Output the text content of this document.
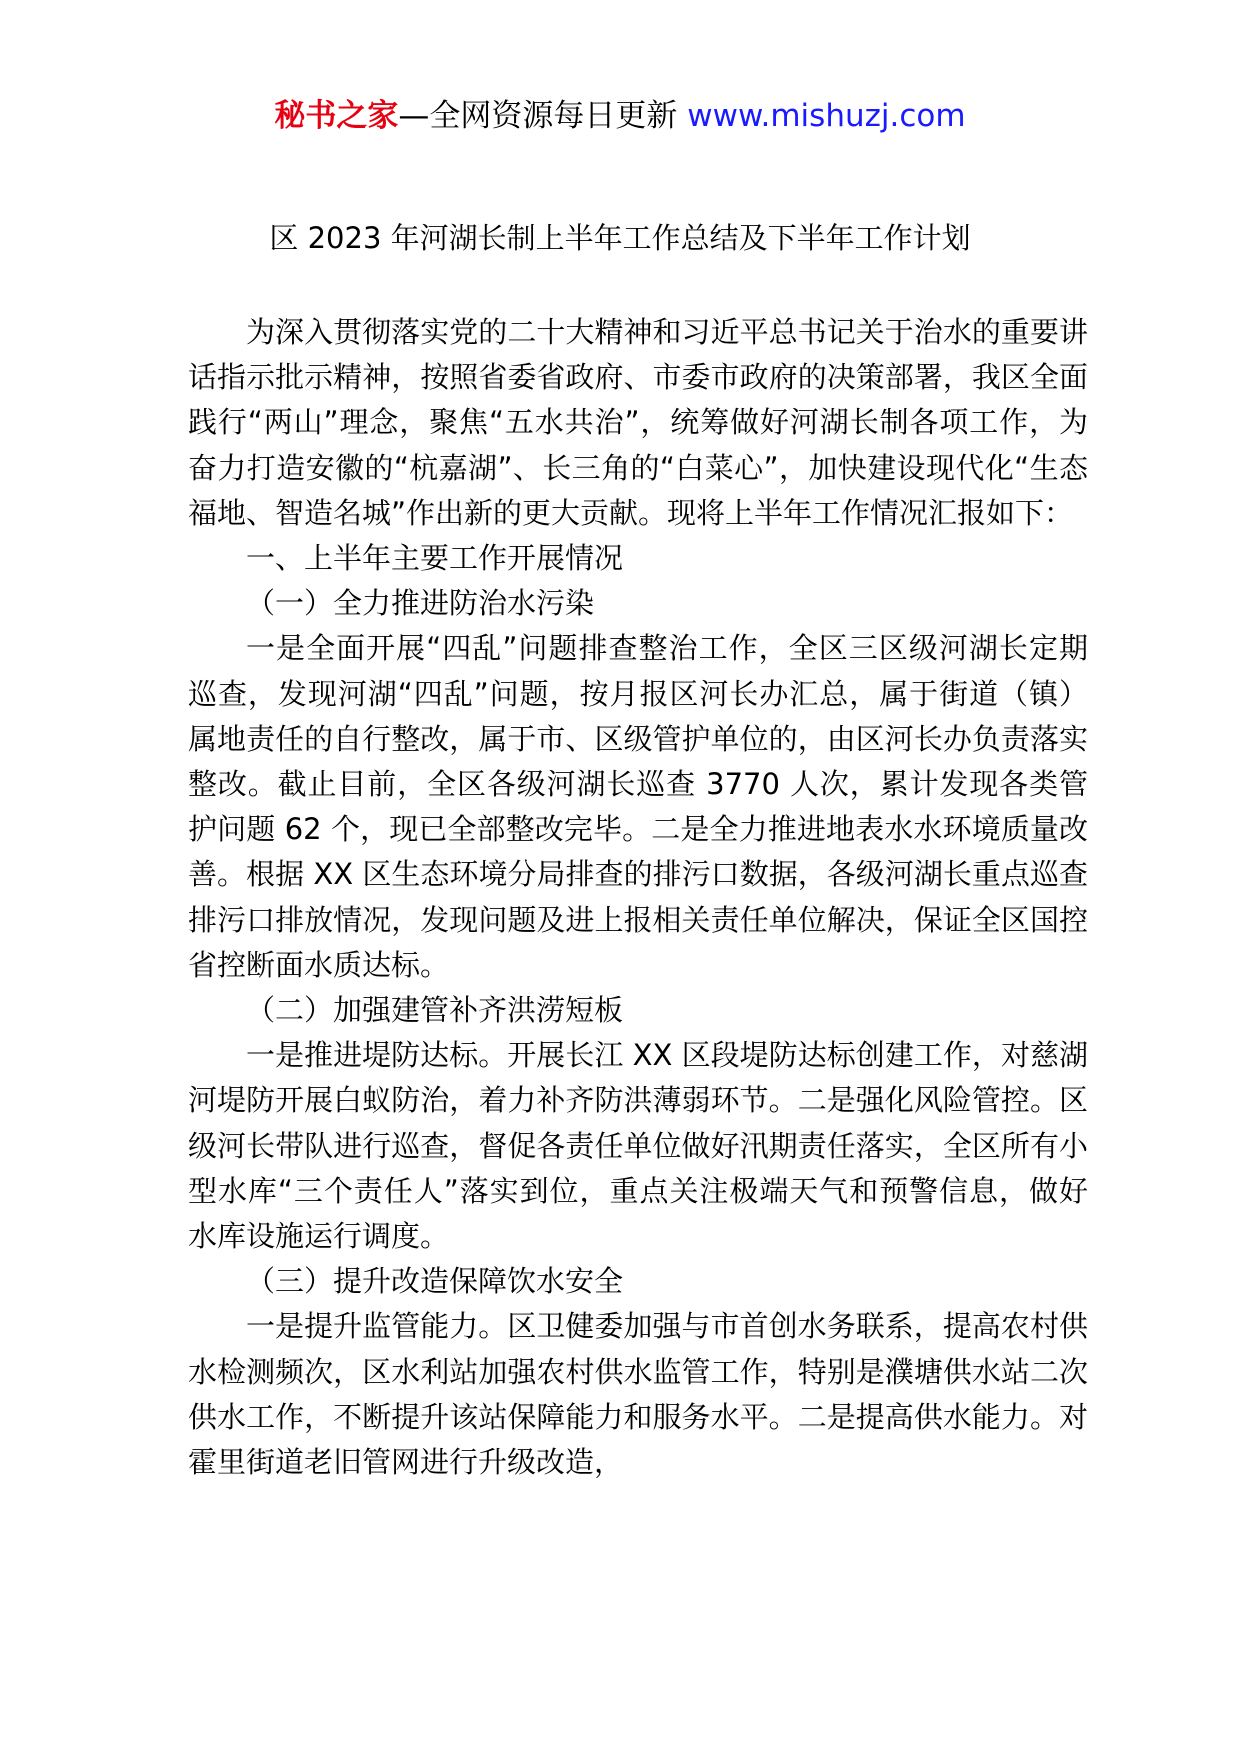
秘书之家—全网资源每日更新 www.mishuzj.com
区 2023 年河湖长制上半年工作总结及下半年工作计划

为深入贯彻落实党的二十大精神和习近平总书记关于治水的重要讲话指示批示精神，按照省委省政府、市委市政府的决策部署，我区全面践行“两山”理念，聚焦“五水共治”，统筹做好河湖长制各项工作，为奋力打造安徽的“杭嘉湖”、长三角的“白菜心”，加快建设现代化“生态福地、智造名城”作出新的更大贡献。现将上半年工作情况汇报如下：

一、上半年主要工作开展情况

（一）全力推进防治水污染

一是全面开展“四乱”问题排查整治工作，全区三区级河湖长定期巡查，发现河湖“四乱”问题，按月报区河长办汇总，属于街道（镇）属地责任的自行整改，属于市、区级管护单位的，由区河长办负责落实整改。截止目前，全区各级河湖长巡查 3770 人次，累计发现各类管护问题 62 个，现已全部整改完毕。二是全力推进地表水水环境质量改善。根据 XX 区生态环境分局排查的排污口数据，各级河湖长重点巡查排污口排放情况，发现问题及进上报相关责任单位解决，保证全区国控省控断面水质达标。

（二）加强建管补齐洪涝短板

一是推进堤防达标。开展长江 XX 区段堤防达标创建工作，对慈湖河堤防开展白蚁防治，着力补齐防洪薄弱环节。二是强化风险管控。区级河长带队进行巡查，督促各责任单位做好汛期责任落实，全区所有小型水库“三个责任人”落实到位，重点关注极端天气和预警信息，做好水库设施运行调度。

（三）提升改造保障饮水安全

一是提升监管能力。区卫健委加强与市首创水务联系，提高农村供水检测频次，区水利站加强农村供水监管工作，特别是濮塘供水站二次供水工作，不断提升该站保障能力和服务水平。二是提高供水能力。对霍里街道老旧管网进行升级改造，
